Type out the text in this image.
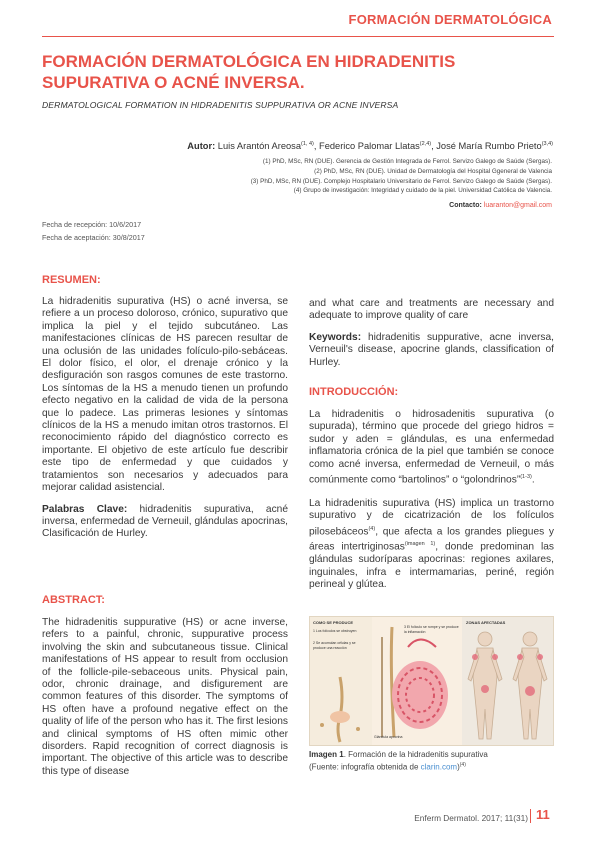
FORMACIÓN DERMATOLÓGICA
FORMACIÓN DERMATOLÓGICA EN HIDRADENITIS
SUPURATIVA O ACNÉ INVERSA.
DERMATOLOGICAL FORMATION IN HIDRADENITIS SUPPURATIVA OR ACNE INVERSA
Autor: Luis Arantón Areosa$^{(1, 4)}$, Federico Palomar Llatas$^{(2,4)}$, José María Rumbo Prieto$^{(3,4)}$
(1) PhD, MSc, RN (DUE). Gerencia de Gestión Integrada de Ferrol. Servizo Galego de Saúde (Sergas).
(2) PhD, MSc, RN (DUE). Unidad de Dermatología del Hospital Ggeneral de Valencia
(3) PhD, MSc, RN (DUE). Complejo Hospitalario Universitario de Ferrol. Servizo Galego de Saúde (Sergas).
(4) Grupo de investigación: Integridad y cuidado de la piel. Universidad Católica de Valencia.
Contacto: luaranton@gmail.com
Fecha de recepción: 10/6/2017
Fecha de aceptación: 30/8/2017
RESUMEN:

La hidradenitis supurativa (HS) o acné inversa, se refiere a un proceso doloroso, crónico, supurativo que implica la piel y el tejido subcutáneo. Las manifestaciones clínicas de HS parecen resultar de una oclusión de las unidades folículo-pilo-sebáceas. El dolor físico, el olor, el drenaje crónico y la desfiguración son rasgos comunes de este trastorno. Los síntomas de la HS a menudo tienen un profundo efecto negativo en la calidad de vida de la persona que lo padece. Las primeras lesiones y síntomas clínicos de la HS a menudo imitan otros trastornos. El reconocimiento rápido del diagnóstico correcto es importante. El objetivo de este artículo fue describir este tipo de enfermedad y que cuidados y tratamientos son necesarios y adecuados para mejorar calidad asistencial.

Palabras Clave: hidradenitis supurativa, acné inversa, enfermedad de Verneuil, glándulas apocrinas, Clasificación de Hurley.

ABSTRACT:
The hidradenitis suppurative (HS) or acne inverse, refers to a painful, chronic, suppurative process involving the skin and subcutaneous tissue. Clinical manifestations of HS appear to result from occlusion of the follicle-pile-sebaceous units. Physical pain, odor, chronic drainage, and disfigurement are common features of this disorder. The symptoms of HS often have a profound negative effect on the quality of life of the person who has it. The first lesions and clinical symptoms of HS often mimic other disorders. Rapid recognition of correct diagnosis is important. The objective of this article was to describe this type of disease

and what care and treatments are necessary and adequate to improve quality of care

Keywords: hidradenitis suppurative, acne inversa, Verneuil's disease, apocrine glands, classification of Hurley.

INTRODUCCIÓN:

La hidradenitis o hidrosadenitis supurativa (o supurada), término que procede del griego hidros = sudor y aden = glándulas, es una enfermedad inflamatoria crónica de la piel que también se conoce como acné inversa, enfermedad de Verneuil, o más comúnmente como “bartolinos” o “golondrinos”$^{(1-3)}$.

La hidradenitis supurativa (HS) implica un trastorno supurativo y de cicatrización de los folículos pilosebáceos$^{(4)}$, que afecta a los grandes pliegues y áreas intertriginosas$^{(imagen 1)}$, donde predominan las glándulas sudoríparas apocrinas: regiones axilares, inguinales, infra e intermamarias, periné, región perineal y glútea.

COMO SE PRODUCE
1 Los folículos se obstruyen
2 Se acumulan células y se produce una reacción
3 El folículo se rompe y se produce la inflamación
Glándula apocrina
ZONAS AFECTADAS
Imagen 1. Formación de la hidradenitis supurativa
(Fuente: infografía obtenida de clarin.com)$^{(4)}$
Enferm Dermatol. 2017; 11(31) 11
